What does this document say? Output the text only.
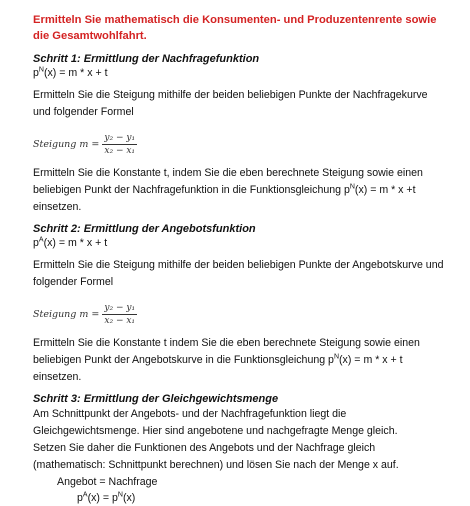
Ermitteln Sie mathematisch die Konsumenten- und Produzentenrente sowie die Gesamtwohlfahrt.

Schritt 1: Ermittlung der Nachfragefunktion

$p^N(x) = m * x + t$

Ermitteln Sie die Steigung mithilfe der beiden beliebigen Punkte der Nachfragekurve und folgender Formel

Steigung $m = \frac{\text{y₂ − y₁}}{\text{x₂ − x₁}}$

Ermitteln Sie die Konstante t, indem Sie die eben berechnete Steigung sowie einen beliebigen Punkt der Nachfragefunktion in die Funktionsgleichung $p^N(x) = m * x +t$ einsetzen.

Schritt 2: Ermittlung der Angebotsfunktion

$p^A(x) = m * x + t$

Ermitteln Sie die Steigung mithilfe der beiden beliebigen Punkte der Angebotskurve und folgender Formel

Steigung $m = \frac{\text{y₂ − y₁}}{\text{x₂ − x₁}}$

Ermitteln Sie die Konstante t indem Sie die eben berechnete Steigung sowie einen beliebigen Punkt der Angebotskurve in die Funktionsgleichung $p^N(x) = m * x + t$ einsetzen.

Schritt 3: Ermittlung der Gleichgewichtsmenge

Am Schnittpunkt der Angebots- und der Nachfragefunktion liegt die Gleichgewichtsmenge. Hier sind angebotene und nachgefragte Menge gleich.

Setzen Sie daher die Funktionen des Angebots und der Nachfrage gleich (mathematisch: Schnittpunkt berechnen) und lösen Sie nach der Menge x auf.

Angebot = Nachfrage
$p^A(x) = p^N(x)$
